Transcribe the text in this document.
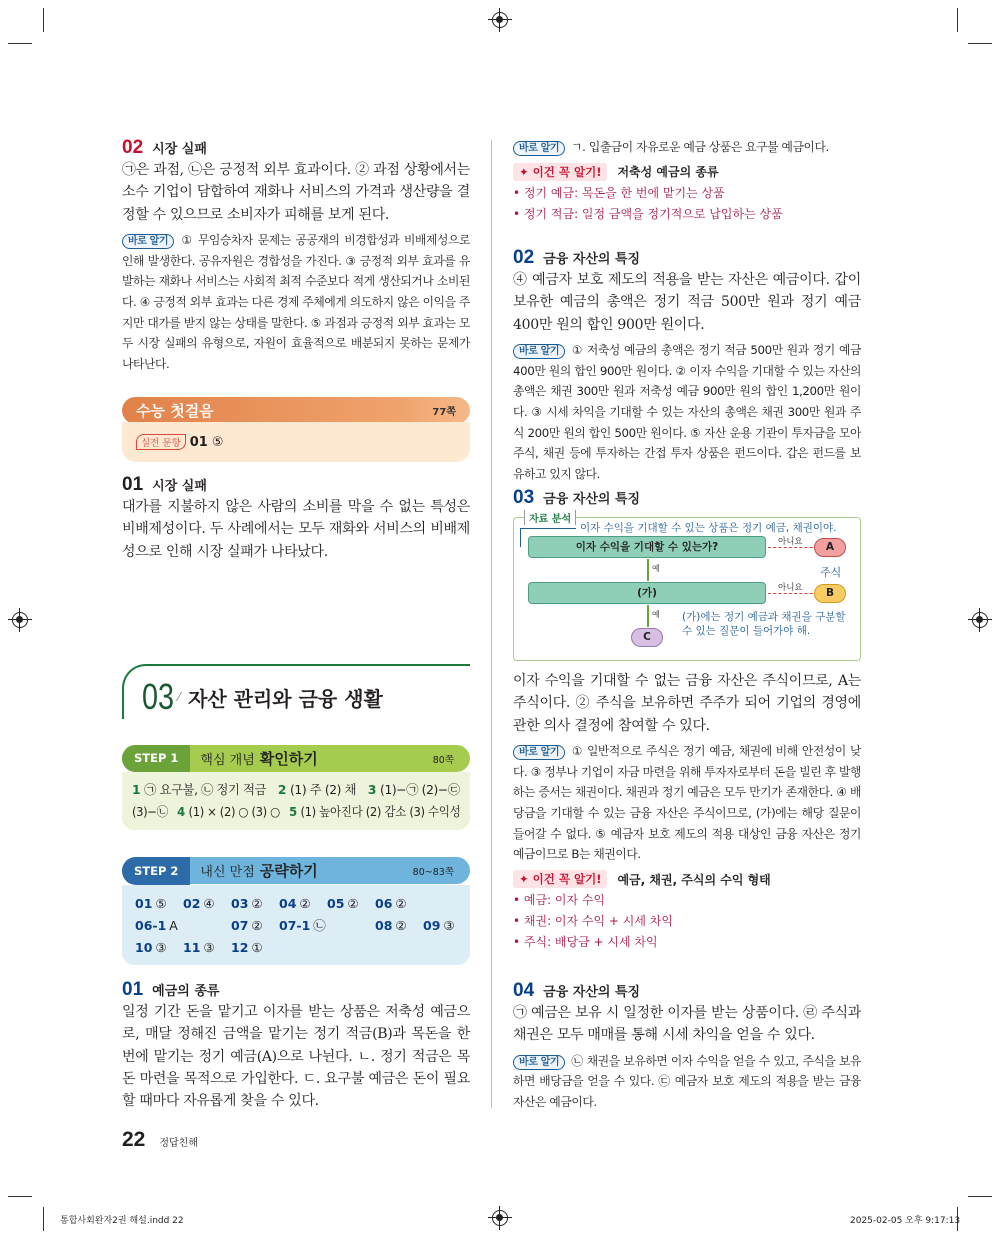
02 시장 실패

㉠은 과점, ㉡은 긍정적 외부 효과이다. ② 과점 상황에서는 소수 기업이 담합하여 재화나 서비스의 가격과 생산량을 결정할 수 있으므로 소비자가 피해를 보게 된다.

바로 알기 ① 무임승차자 문제는 공공재의 비경합성과 비배제성으로 인해 발생한다. 공유자원은 경합성을 가진다. ③ 긍정적 외부 효과를 유발하는 재화나 서비스는 사회적 최적 수준보다 적게 생산되거나 소비된다. ④ 긍정적 외부 효과는 다른 경제 주체에게 의도하지 않은 이익을 주지만 대가를 받지 않는 상태를 말한다. ⑤ 과점과 긍정적 외부 효과는 모두 시장 실패의 유형으로, 자원이 효율적으로 배분되지 못하는 문제가 나타난다.

수능 첫걸음	77쪽
실전 문항 01 ⑤
01 시장 실패

대가를 지불하지 않은 사람의 소비를 막을 수 없는 특성은 비배제성이다. 두 사례에서는 모두 재화와 서비스의 비배제성으로 인해 시장 실패가 나타났다.

03 ⁄ 자산 관리와 금융 생활
STEP 1	핵심 개념 확인하기	80쪽
1 ㉠ 요구불, ㉡ 정기 적금 2 (1) 주 (2) 채 3 (1)−㉠ (2)−㉢
(3)−㉡ 4 (1) × (2) ○ (3) ○ 5 (1) 높아진다 (2) 감소 (3) 수익성
STEP 2	내신 만점 공략하기	80~83쪽
01 ⑤	02 ④	03 ②	04 ②	05 ②	06 ②
06-1 A	07 ②	07-1 ㉡	08 ②	09 ③
10 ③	11 ③	12 ①
01 예금의 종류

일정 기간 돈을 맡기고 이자를 받는 상품은 저축성 예금으로, 매달 정해진 금액을 맡기는 정기 적금(B)과 목돈을 한 번에 맡기는 정기 예금(A)으로 나뉜다. ㄴ. 정기 적금은 목돈 마련을 목적으로 가입한다. ㄷ. 요구불 예금은 돈이 필요할 때마다 자유롭게 찾을 수 있다.

22 정답친해

바로 알기 ㄱ. 입출금이 자유로운 예금 상품은 요구불 예금이다.

✦ 이건 꼭 알기!	저축성 예금의 종류
• 정기 예금: 목돈을 한 번에 맡기는 상품
• 정기 적금: 일정 금액을 정기적으로 납입하는 상품
02 금융 자산의 특징

④ 예금자 보호 제도의 적용을 받는 자산은 예금이다. 갑이 보유한 예금의 총액은 정기 적금 500만 원과 정기 예금 400만 원의 합인 900만 원이다.

바로 알기 ① 저축성 예금의 총액은 정기 적금 500만 원과 정기 예금 400만 원의 합인 900만 원이다. ② 이자 수익을 기대할 수 있는 자산의 총액은 채권 300만 원과 저축성 예금 900만 원의 합인 1,200만 원이다. ③ 시세 차익을 기대할 수 있는 자산의 총액은 채권 300만 원과 주식 200만 원의 합인 500만 원이다. ⑤ 자산 운용 기관이 투자금을 모아 주식, 채권 등에 투자하는 간접 투자 상품은 펀드이다. 갑은 펀드를 보유하고 있지 않다.

03 금융 자산의 특징
자료 분석
이자 수익을 기대할 수 있는 상품은 정기 예금, 채권이야.
이자 수익을 기대할 수 있는가?
(가)
아니요
아니요
A
주식
B
예
예
C
(가)에는 정기 예금과 채권을 구분할 수 있는 질문이 들어가야 해.

이자 수익을 기대할 수 없는 금융 자산은 주식이므로, A는 주식이다. ② 주식을 보유하면 주주가 되어 기업의 경영에 관한 의사 결정에 참여할 수 있다.

바로 알기 ① 일반적으로 주식은 정기 예금, 채권에 비해 안전성이 낮다. ③ 정부나 기업이 자금 마련을 위해 투자자로부터 돈을 빌린 후 발행하는 증서는 채권이다. 채권과 정기 예금은 모두 만기가 존재한다. ④ 배당금을 기대할 수 있는 금융 자산은 주식이므로, (가)에는 해당 질문이 들어갈 수 없다. ⑤ 예금자 보호 제도의 적용 대상인 금융 자산은 정기 예금이므로 B는 채권이다.

✦ 이건 꼭 알기!	예금, 채권, 주식의 수익 형태
• 예금: 이자 수익
• 채권: 이자 수익 + 시세 차익
• 주식: 배당금 + 시세 차익
04 금융 자산의 특징

㉠ 예금은 보유 시 일정한 이자를 받는 상품이다. ㉣ 주식과 채권은 모두 매매를 통해 시세 차익을 얻을 수 있다.

바로 알기 ㉡ 채권을 보유하면 이자 수익을 얻을 수 있고, 주식을 보유하면 배당금을 얻을 수 있다. ㉢ 예금자 보호 제도의 적용을 받는 금융 자산은 예금이다.

통합사회완자2권 해설.indd 22	2025-02-05 오후 9:17:13
